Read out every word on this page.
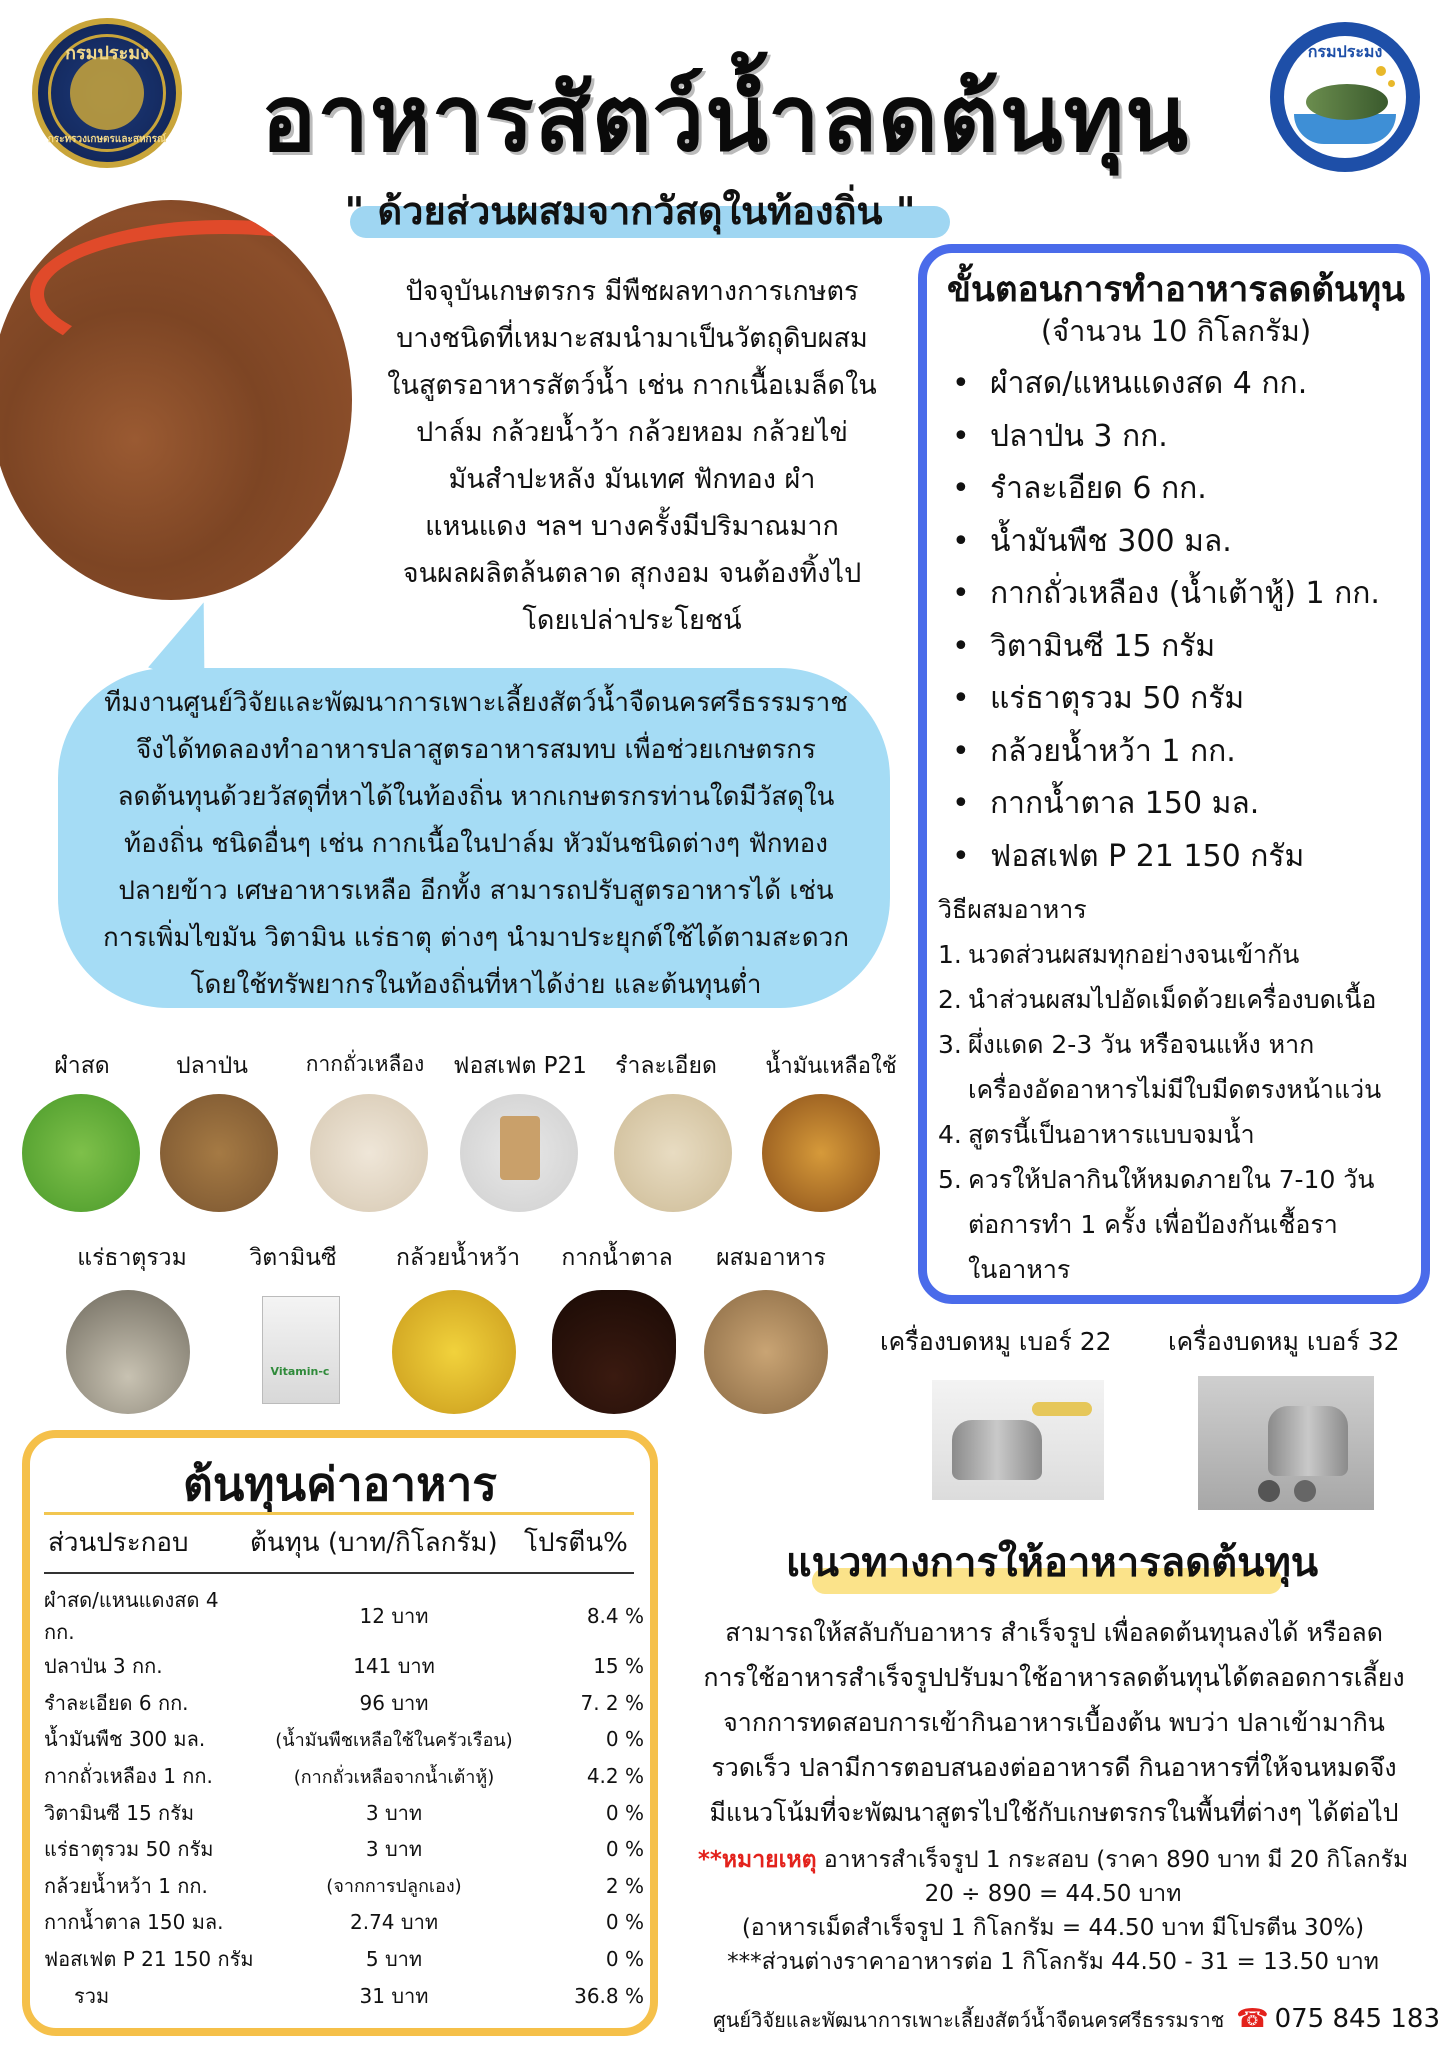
กรมประมง
กระทรวงเกษตรและสหกรณ์
กรมประมง
อาหารสัตว์น้ำลดต้นทุน
" ด้วยส่วนผสมจากวัสดุในท้องถิ่น "
ปัจจุบันเกษตรกร มีพืชผลทางการเกษตร
บางชนิดที่เหมาะสมนำมาเป็นวัตถุดิบผสม
ในสูตรอาหารสัตว์น้ำ เช่น กากเนื้อเมล็ดใน
ปาล์ม กล้วยน้ำว้า กล้วยหอม กล้วยไข่
มันสำปะหลัง มันเทศ ฟักทอง ผำ
แหนแดง ฯลฯ บางครั้งมีปริมาณมาก
จนผลผลิตล้นตลาด สุกงอม จนต้องทิ้งไป
โดยเปล่าประโยชน์
ทีมงานศูนย์วิจัยและพัฒนาการเพาะเลี้ยงสัตว์น้ำจืดนครศรีธรรมราช
จึงได้ทดลองทำอาหารปลาสูตรอาหารสมทบ เพื่อช่วยเกษตรกร
ลดต้นทุนด้วยวัสดุที่หาได้ในท้องถิ่น หากเกษตรกรท่านใดมีวัสดุใน
ท้องถิ่น ชนิดอื่นๆ เช่น กากเนื้อในปาล์ม หัวมันชนิดต่างๆ ฟักทอง
ปลายข้าว เศษอาหารเหลือ อีกทั้ง สามารถปรับสูตรอาหารได้ เช่น
การเพิ่มไขมัน วิตามิน แร่ธาตุ ต่างๆ นำมาประยุกต์ใช้ได้ตามสะดวก
โดยใช้ทรัพยากรในท้องถิ่นที่หาได้ง่าย และต้นทุนต่ำ
ขั้นตอนการทำอาหารลดต้นทุน
(จำนวน 10 กิโลกรัม)
• ผำสด/แหนแดงสด 4 กก.
• ปลาป่น 3 กก.
• รำละเอียด 6 กก.
• น้ำมันพืช 300 มล.
• กากถั่วเหลือง (น้ำเต้าหู้) 1 กก.
• วิตามินซี 15 กรัม
• แร่ธาตุรวม 50 กรัม
• กล้วยน้ำหว้า 1 กก.
• กากน้ำตาล 150 มล.
• ฟอสเฟต P 21 150 กรัม
วิธีผสมอาหาร
1. นวดส่วนผสมทุกอย่างจนเข้ากัน
2. นำส่วนผสมไปอัดเม็ดด้วยเครื่องบดเนื้อ
3. ผึ่งแดด 2-3 วัน หรือจนแห้ง หาก
เครื่องอัดอาหารไม่มีใบมีดตรงหน้าแว่น
4. สูตรนี้เป็นอาหารแบบจมน้ำ
5. ควรให้ปลากินให้หมดภายใน 7-10 วัน
ต่อการทำ 1 ครั้ง เพื่อป้องกันเชื้อรา
ในอาหาร
ผำสด	ปลาป่น	กากถั่วเหลือง	ฟอสเฟต P21	รำละเอียด	น้ำมันเหลือใช้
แร่ธาตุรวม	วิตามินซี	กล้วยน้ำหว้า	กากน้ำตาล	ผสมอาหาร
Vitamin-c
เครื่องบดหมู เบอร์ 22 เครื่องบดหมู เบอร์ 32
ต้นทุนค่าอาหาร
ส่วนประกอบ ต้นทุน (บาท/กิโลกรัม) โปรตีน%
ผำสด/แหนแดงสด 4 กก.	12 บาท	8.4 %
ปลาป่น 3 กก.	141 บาท	15 %
รำละเอียด 6 กก.	96 บาท	7. 2 %
น้ำมันพืช 300 มล.	(น้ำมันพืชเหลือใช้ในครัวเรือน)	0 %
กากถั่วเหลือง 1 กก.	(กากถั่วเหลือจากน้ำเต้าหู้)	4.2 %
วิตามินซี 15 กรัม	3 บาท	0 %
แร่ธาตุรวม 50 กรัม	3 บาท	0 %
กล้วยน้ำหว้า 1 กก.	(จากการปลูกเอง)	2 %
กากน้ำตาล 150 มล.	2.74 บาท	0 %
ฟอสเฟต P 21 150 กรัม	5 บาท	0 %
รวม	31 บาท	36.8 %
แนวทางการให้อาหารลดต้นทุน
สามารถให้สลับกับอาหาร สำเร็จรูป เพื่อลดต้นทุนลงได้ หรือลด
การใช้อาหารสำเร็จรูปปรับมาใช้อาหารลดต้นทุนได้ตลอดการเลี้ยง
จากการทดสอบการเข้ากินอาหารเบื้องต้น พบว่า ปลาเข้ามากิน
รวดเร็ว ปลามีการตอบสนองต่ออาหารดี กินอาหารที่ให้จนหมดจึง
มีแนวโน้มที่จะพัฒนาสูตรไปใช้กับเกษตรกรในพื้นที่ต่างๆ ได้ต่อไป
**หมายเหตุ อาหารสำเร็จรูป 1 กระสอบ (ราคา 890 บาท มี 20 กิโลกรัม
20 ÷ 890 = 44.50 บาท
(อาหารเม็ดสำเร็จรูป 1 กิโลกรัม = 44.50 บาท มีโปรตีน 30%)
***ส่วนต่างราคาอาหารต่อ 1 กิโลกรัม 44.50 - 31 = 13.50 บาท
ศูนย์วิจัยและพัฒนาการเพาะเลี้ยงสัตว์น้ำจืดนครศรีธรรมราช ☎ 075 845 183
